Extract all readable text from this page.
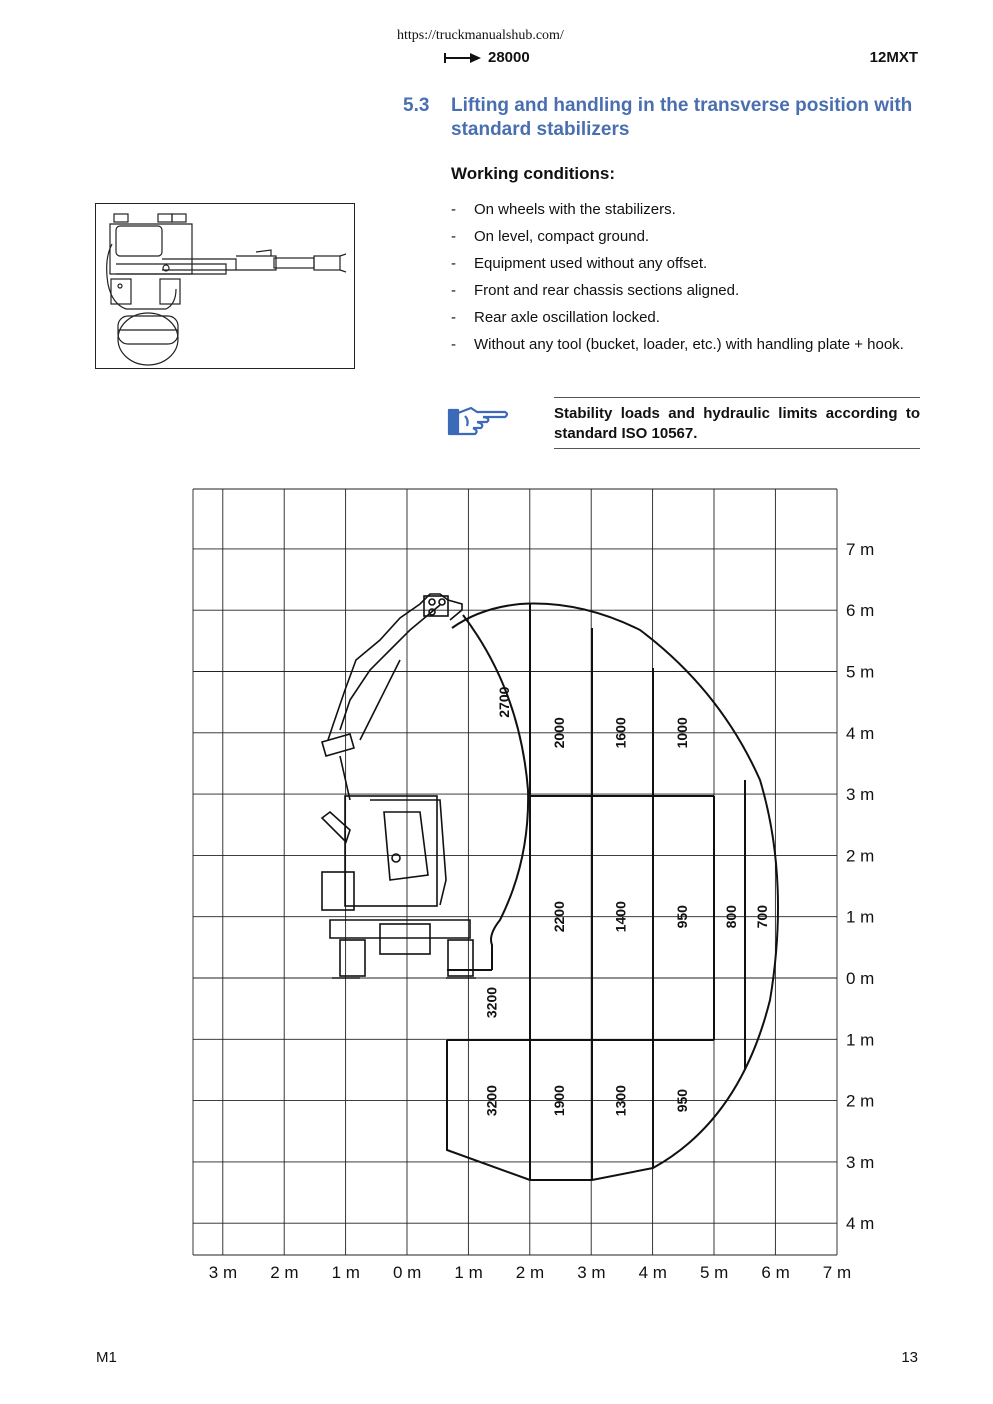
https://truckmanualshub.com/
28000	12MXT
5.3 Lifting and handling in the transverse position with standard stabilizers
Working conditions:
- On wheels with the stabilizers.
- On level, compact ground.
- Equipment used without any offset.
- Front and rear chassis sections aligned.
- Rear axle oscillation locked.
- Without any tool (bucket, loader, etc.) with handling plate + hook.
Stability loads and hydraulic limits according to standard ISO 10567.
7 m
6 m
5 m
4 m
3 m
2 m
1 m
0 m
1 m
2 m
3 m
4 m
3 m 2 m 1 m 0 m 1 m 2 m 3 m 4 m 5 m 6 m 7 m
2700
2000	1600	1000
2200	1400	950 800 700
3200
3200	1900	1300	950
M1	13
